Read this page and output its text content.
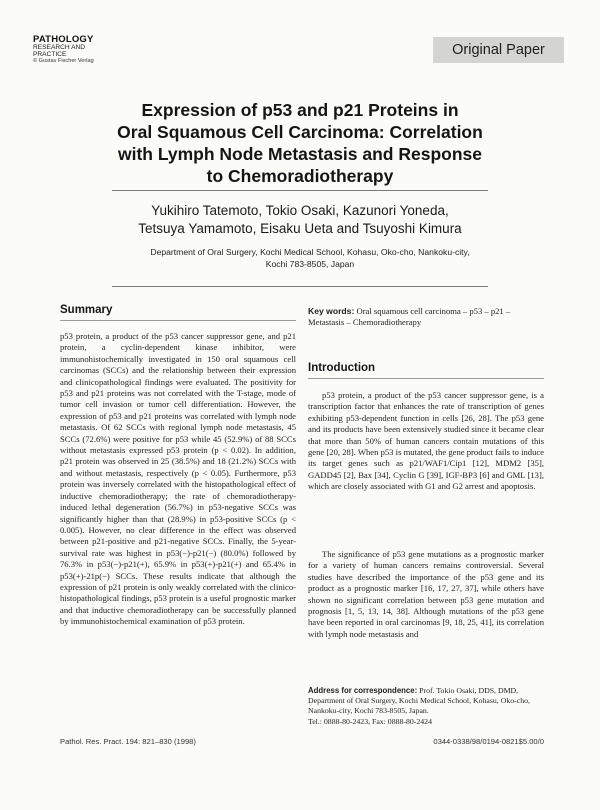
PATHOLOGY
RESEARCH AND
PRACTICE
© Gustav Fischer Verlag
Original Paper
Expression of p53 and p21 Proteins in
Oral Squamous Cell Carcinoma: Correlation
with Lymph Node Metastasis and Response
to Chemoradiotherapy
Yukihiro Tatemoto, Tokio Osaki, Kazunori Yoneda,
Tetsuya Yamamoto, Eisaku Ueta and Tsuyoshi Kimura
Department of Oral Surgery, Kochi Medical School, Kohasu, Oko-cho, Nankoku-city,
Kochi 783-8505, Japan
Summary
p53 protein, a product of the p53 cancer suppressor gene, and p21 protein, a cyclin-dependent kinase inhibitor, were immunohistochemically investigated in 150 oral squamous cell carcinomas (SCCs) and the relationship between their expression and clinicopathological findings were evaluated. The positivity for p53 and p21 proteins was not correlated with the T-stage, mode of tumor cell invasion or tumor cell differentiation. However, the expression of p53 and p21 proteins was correlated with lymph node metastasis. Of 62 SCCs with regional lymph node metastasis, 45 SCCs (72.6%) were positive for p53 while 45 (52.9%) of 88 SCCs without metastasis expressed p53 protein (p < 0.02). In addition, p21 protein was observed in 25 (38.5%) and 18 (21.2%) SCCs with and without metastasis, respectively (p < 0.05). Furthermore, p53 protein was inversely correlated with the histopathological effect of inductive chemoradiotherapy; the rate of chemoradiotherapy-induced lethal degeneration (56.7%) in p53-negative SCCs was significantly higher than that (28.9%) in p53-positive SCCs (p < 0.005). However, no clear difference in the effect was observed between p21-positive and p21-negative SCCs. Finally, the 5-year-survival rate was highest in p53(−)-p21(−) (80.0%) followed by 76.3% in p53(−)-p21(+), 65.9% in p53(+)-p21(+) and 65.4% in p53(+)-21p(−) SCCs. These results indicate that although the expression of p21 protein is only weakly correlated with the clinico-histopathological findings, p53 protein is a useful prognostic marker and that inductive chemoradiotherapy can be successfully planned by immunohistochemical examination of p53 protein.
Key words: Oral squamous cell carcinoma – p53 – p21 – Metastasis – Chemoradiotherapy
Introduction
p53 protein, a product of the p53 cancer suppressor gene, is a transcription factor that enhances the rate of transcription of genes exhibiting p53-dependent function in cells [26, 28]. The p53 gene and its products have been extensively studied since it became clear that more than 50% of human cancers contain mutations of this gene [20, 28]. When p53 is mutated, the gene product fails to induce its target genes such as p21/WAF1/Cip1 [12], MDM2 [35], GADD45 [2], Bax [34], Cyclin G [39], IGF-BP3 [6] and GML [13], which are closely associated with G1 and G2 arrest and apoptosis.
The significance of p53 gene mutations as a prognostic marker for a variety of human cancers remains controversial. Several studies have described the importance of the p53 gene and its product as a prognostic marker [16, 17, 27, 37], while others have shown no significant correlation between p53 gene mutation and prognosis [1, 5, 13, 14, 38]. Although mutations of the p53 gene have been reported in oral carcinomas [9, 18, 25, 41], its correlation with lymph node metastasis and
Address for correspondence: Prof. Tokio Osaki, DDS, DMD, Department of Oral Surgery, Kochi Medical School, Kohasu, Oko-cho, Nankoku-city, Kochi 783-8505, Japan.
Tel.: 0888-80-2423, Fax: 0888-80-2424
Pathol. Res. Pract. 194: 821–830 (1998)	0344-0338/98/0194-0821$5.00/0
